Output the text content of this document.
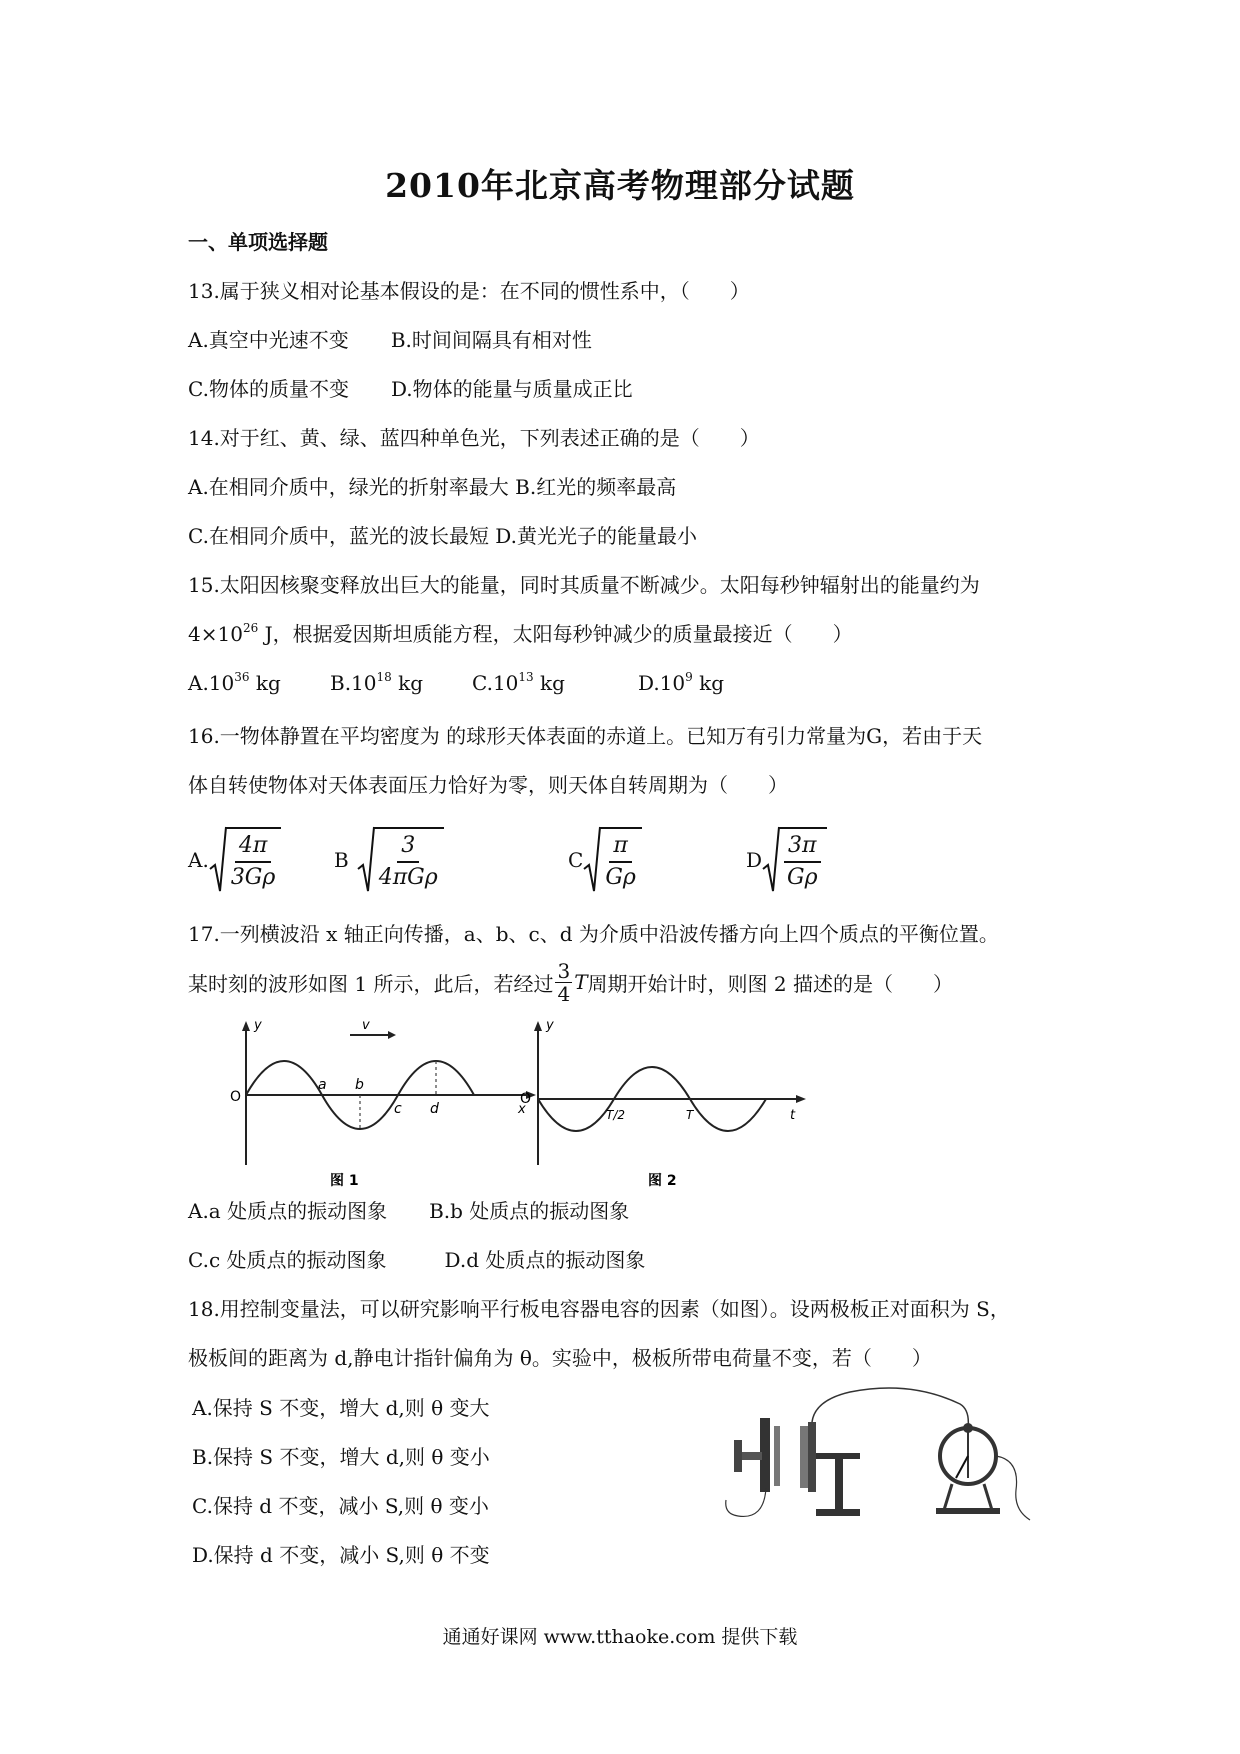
2010年北京高考物理部分试题
一、单项选择题
13.属于狭义相对论基本假设的是：在不同的惯性系中，（　　）
A.真空中光速不变 B.时间间隔具有相对性
C.物体的质量不变 D.物体的能量与质量成正比
14.对于红、黄、绿、蓝四种单色光，下列表述正确的是（　　）
A.在相同介质中，绿光的折射率最大 B.红光的频率最高
C.在相同介质中，蓝光的波长最短 D.黄光光子的能量最小
15.太阳因核聚变释放出巨大的能量，同时其质量不断减少。太阳每秒钟辐射出的能量约为
$4\times 10^{26}$ J，根据爱因斯坦质能方程，太阳每秒钟减少的质量最接近（　　）
$A.10^{36}$ kg $B.10^{18}$ kg $C.10^{13}$ kg	$D.10^9$ kg
16.一物体静置在平均密度为 的球形天体表面的赤道上。已知万有引力常量为G，若由于天
体自转使物体对天体表面压力恰好为零，则天体自转周期为（　　）
A. $\frac{4\pi}{3G\rho}$	B $\frac{3}{\text{4πGρ}}$	C $\frac{\pi}{G\rho}$	D $\frac{3\pi}{G\rho}$
17.一列横波沿 x 轴正向传播，a、b、c、d 为介质中沿波传播方向上四个质点的平衡位置。
某时刻的波形如图 1 所示，此后，若经过 $\frac{3}{4}$ T 周期开始计时，则图 2 描述的是（　　）
y
O
v
x
a b
c d
图 1
y
O
T/2	T	t
图 2
A.a 处质点的振动图象 B.b 处质点的振动图象
C.c 处质点的振动图象	D.d 处质点的振动图象
18.用控制变量法，可以研究影响平行板电容器电容的因素（如图）。设两极板正对面积为 S，
极板间的距离为 d,静电计指针偏角为 θ。实验中，极板所带电荷量不变，若（　　）
A.保持 S 不变，增大 d,则 θ 变大
B.保持 S 不变，增大 d,则 θ 变小
C.保持 d 不变，减小 S,则 θ 变小
D.保持 d 不变，减小 S,则 θ 不变
通通好课网 www.tthaoke.com 提供下载
